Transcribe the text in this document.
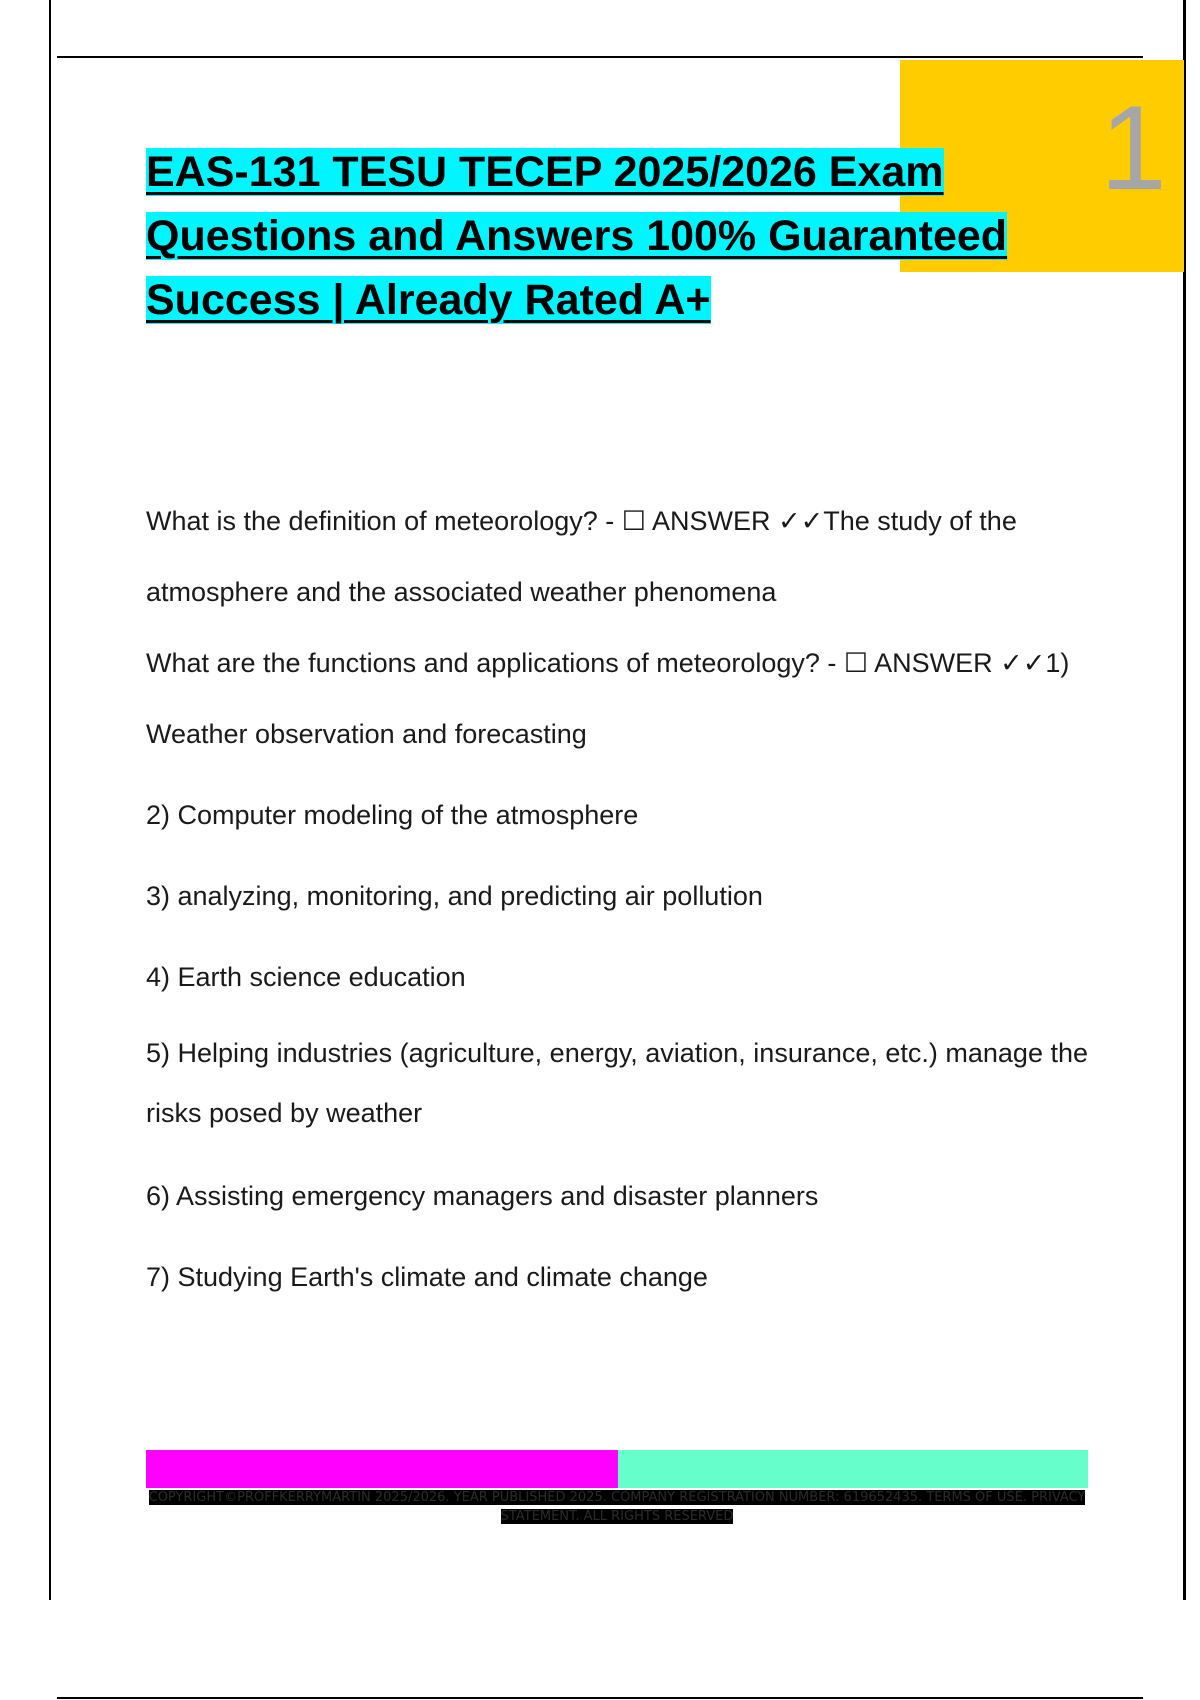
1
EAS-131 TESU TECEP 2025/2026 Exam Questions and Answers 100% Guaranteed Success | Already Rated A+

What is the definition of meteorology? - ☐ ANSWER ✓✓The study of the atmosphere and the associated weather phenomena

What are the functions and applications of meteorology? - ☐ ANSWER ✓✓1) Weather observation and forecasting

2) Computer modeling of the atmosphere

3) analyzing, monitoring, and predicting air pollution

4) Earth science education

5) Helping industries (agriculture, energy, aviation, insurance, etc.) manage the risks posed by weather

6) Assisting emergency managers and disaster planners

7) Studying Earth's climate and climate change

COPYRIGHT©PROFFKERRYMARTIN 2025/2026. YEAR PUBLISHED 2025. COMPANY REGISTRATION NUMBER: 619652435. TERMS OF USE. PRIVACY STATEMENT. ALL RIGHTS RESERVED
